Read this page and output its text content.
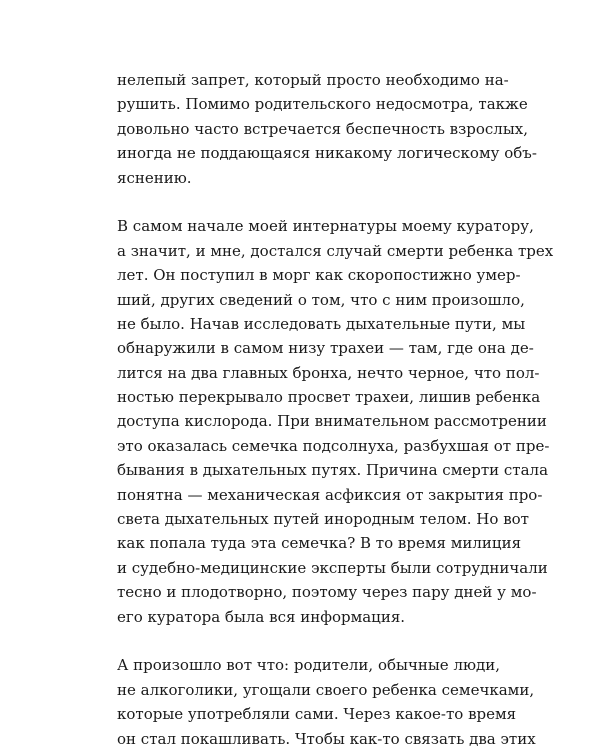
нелепый запрет, который просто необходимо на-
рушить. Помимо родительского недосмотра, также
довольно часто встречается беспечность взрослых,
иногда не поддающаяся никакому логическому объ-
яснению.
В самом начале моей интернатуры моему куратору,
а значит, и мне, достался случай смерти ребенка трех
лет. Он поступил в морг как скоропостижно умер-
ший, других сведений о том, что с ним произошло,
не было. Начав исследовать дыхательные пути, мы
обнаружили в самом низу трахеи — там, где она де-
лится на два главных бронха, нечто черное, что пол-
ностью перекрывало просвет трахеи, лишив ребенка
доступа кислорода. При внимательном рассмотрении
это оказалась семечка подсолнуха, разбухшая от пре-
бывания в дыхательных путях. Причина смерти стала
понятна — механическая асфиксия от закрытия про-
света дыхательных путей инородным телом. Но вот
как попала туда эта семечка? В то время милиция
и судебно-медицинские эксперты были сотрудничали
тесно и плодотворно, поэтому через пару дней у мо-
его куратора была вся информация.
А произошло вот что: родители, обычные люди,
не алкоголики, угощали своего ребенка семечками,
которые употребляли сами. Через какое-то время
он стал покашливать. Чтобы как-то связать два этих
